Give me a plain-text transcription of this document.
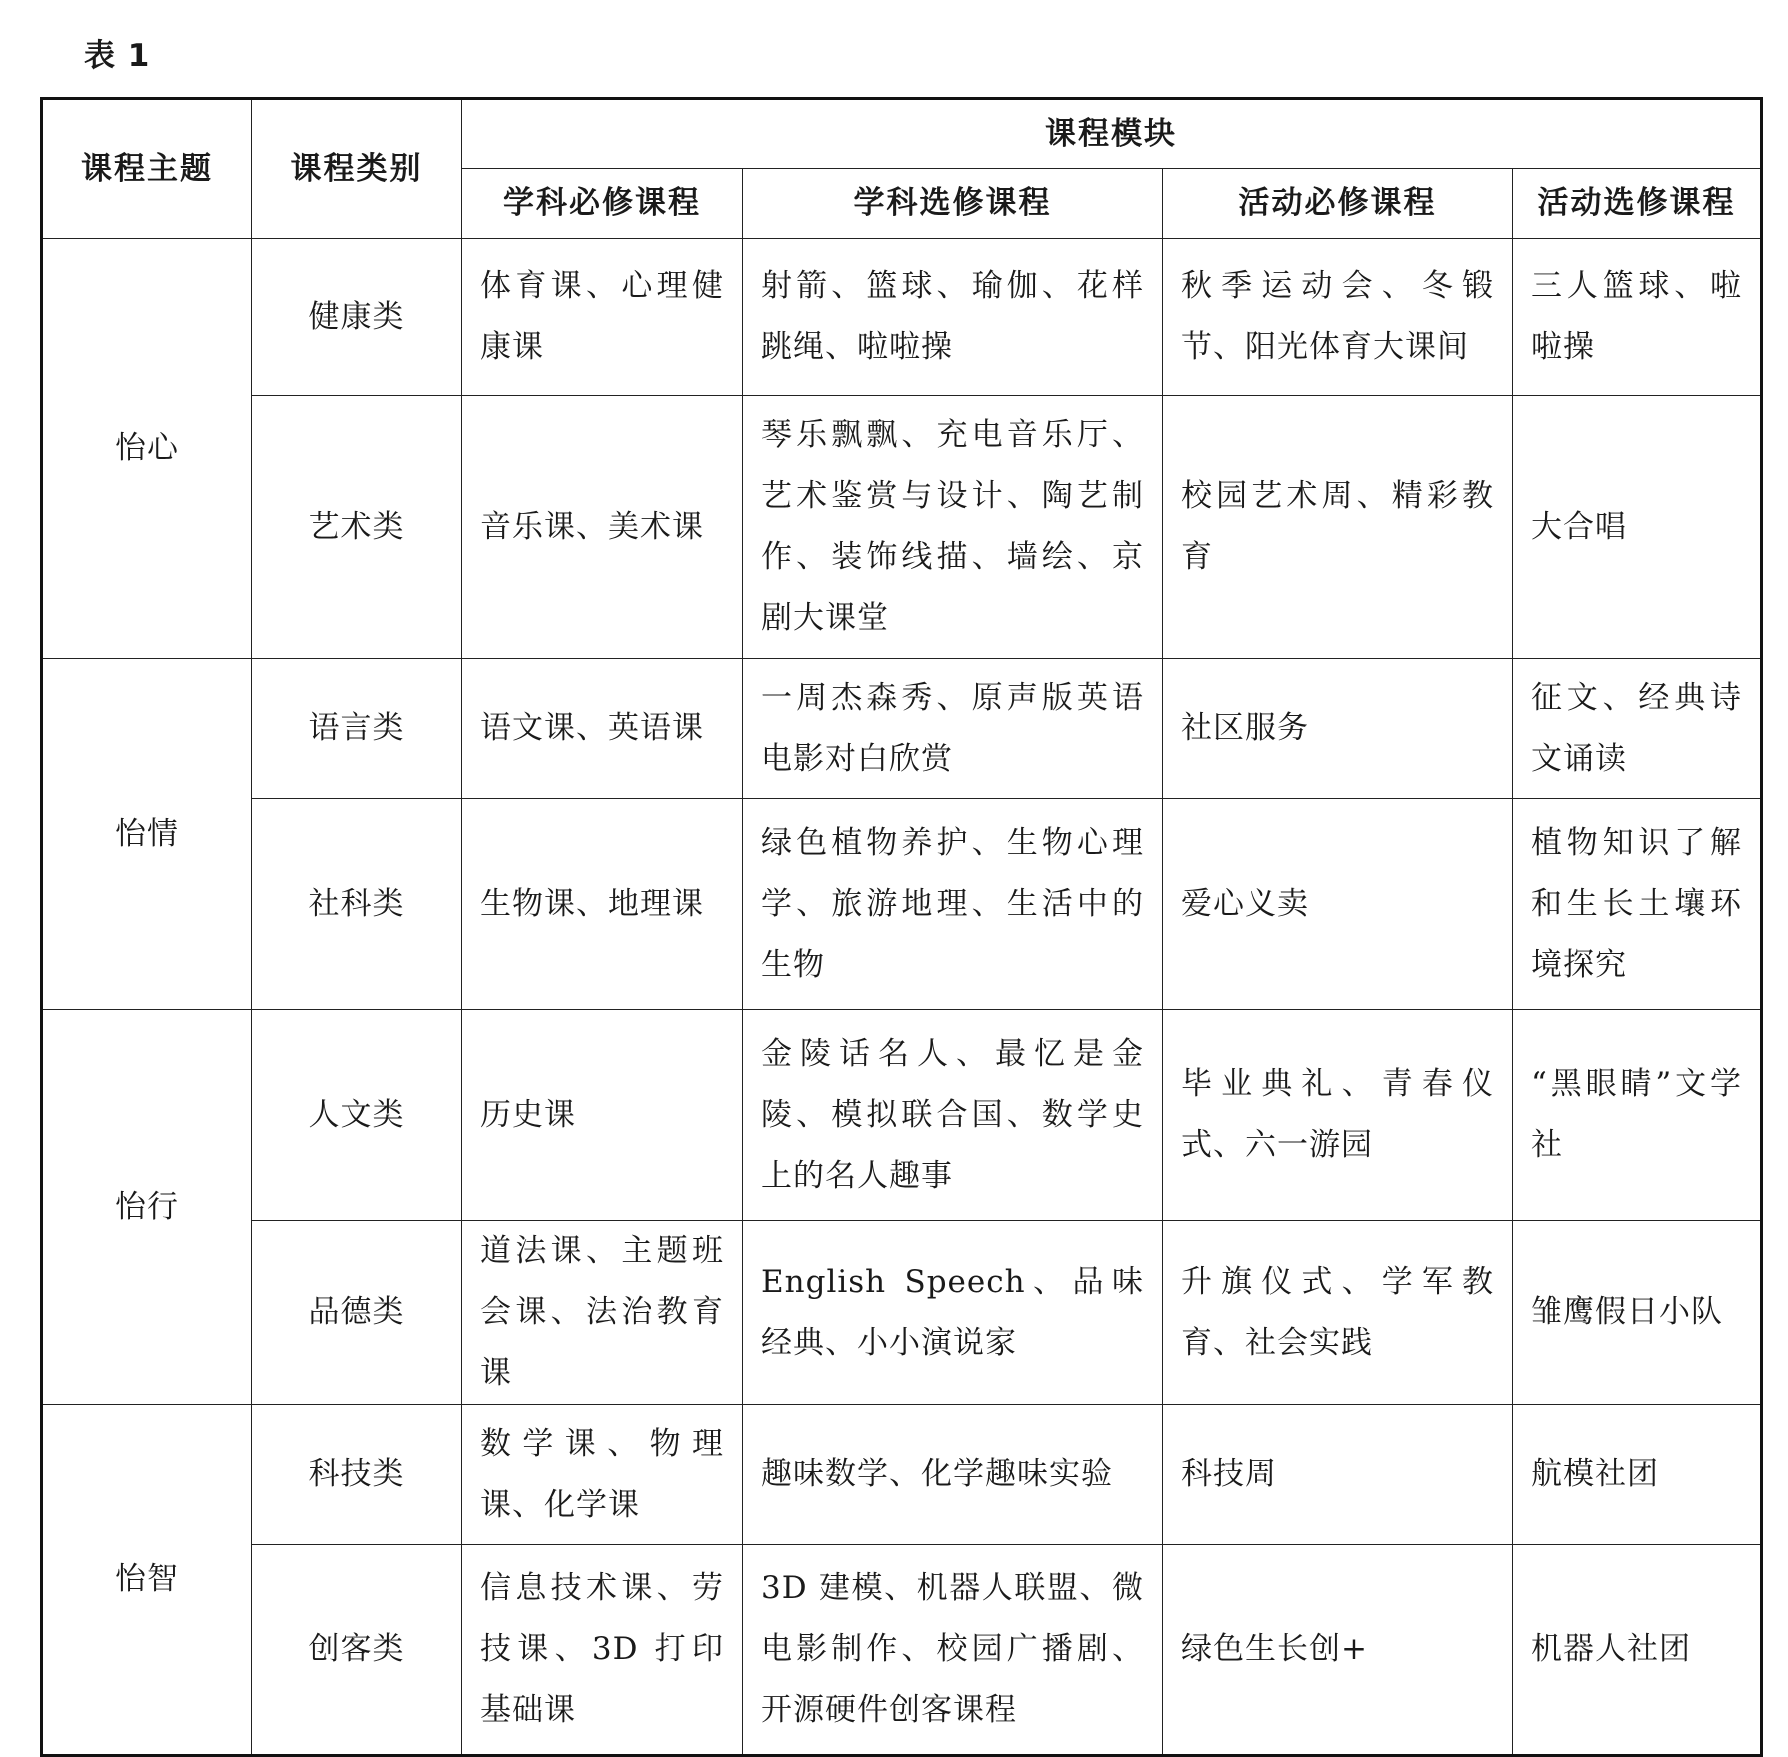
表 1
课程主题	课程类别	课程模块			
		学科必修课程	学科选修课程	活动必修课程	活动选修课程
怡心	健康类	体育课、心理健康课	射箭、篮球、瑜伽、花样跳绳、啦啦操	秋季运动会、冬锻节、阳光体育大课间	三人篮球、啦啦操
	艺术类	音乐课、美术课	琴乐飘飘、充电音乐厅、艺术鉴赏与设计、陶艺制作、装饰线描、墙绘、京剧大课堂	校园艺术周、精彩教育	大合唱
怡情	语言类	语文课、英语课	一周杰森秀、原声版英语电影对白欣赏	社区服务	征文、经典诗文诵读
	社科类	生物课、地理课	绿色植物养护、生物心理学、旅游地理、生活中的生物	爱心义卖	植物知识了解和生长土壤环境探究
怡行	人文类	历史课	金陵话名人、最忆是金陵、模拟联合国、数学史上的名人趣事	毕业典礼、青春仪式、六一游园	“黑眼睛”文学社
	品德类	道法课、主题班会课、法治教育课	English Speech、品味经典、小小演说家	升旗仪式、学军教育、社会实践	雏鹰假日小队
怡智	科技类	数学课、物理课、化学课	趣味数学、化学趣味实验	科技周	航模社团
	创客类	信息技术课、劳技课、3D 打印基础课	3D 建模、机器人联盟、微电影制作、校园广播剧、开源硬件创客课程	绿色生长创+	机器人社团
